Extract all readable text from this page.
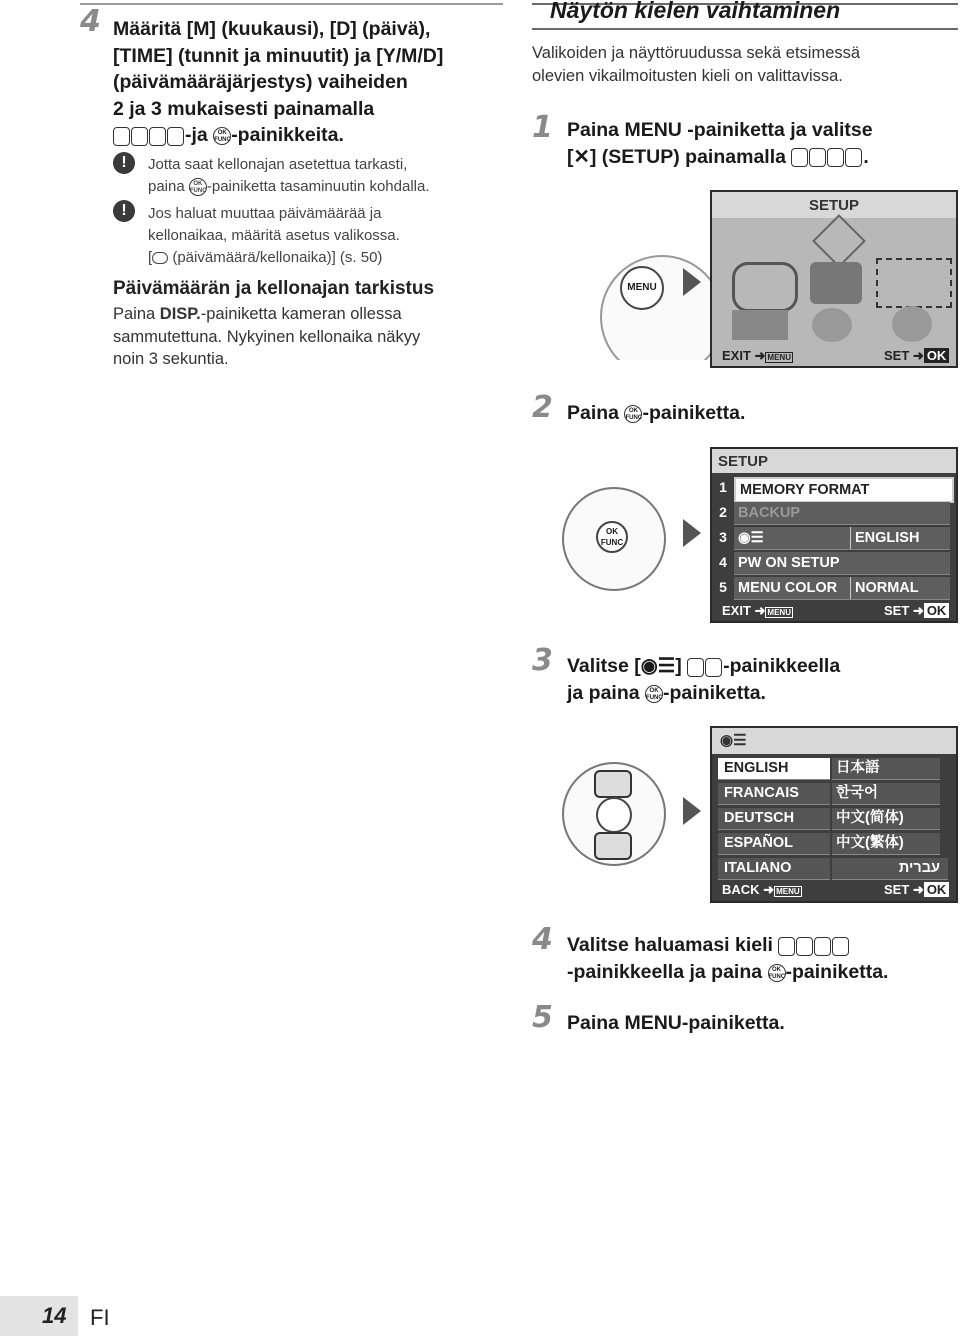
4 Määritä [M] (kuukausi), [D] (päivä),
[TIME] (tunnit ja minuutit) ja [Y/M/D]
(päivämääräjärjestys) vaiheiden
2 ja 3 mukaisesti painamalla
-ja OK
FUNC-painikkeita.
!	Jotta saat kellonajan asetettua tarkasti,
paina OK
FUNC-painiketta tasaminuutin kohdalla.
!	Jos haluat muuttaa päivämäärää ja
kellonaikaa, määritä asetus valikossa.
[ (päivämäärä/kellonaika)] (s. 50)
Päivämäärän ja kellonajan tarkistus
Paina DISP.-painiketta kameran ollessa
sammutettuna. Nykyinen kellonaika näkyy
noin 3 sekuntia.
Näytön kielen vaihtaminen
Valikoiden ja näyttöruudussa sekä etsimessä
olevien vikailmoitusten kieli on valittavissa.
1 Paina MENU -painiketta ja valitse
[✕] (SETUP) painamalla	.
MENU
SETUP
EXIT ➜ MENU	SET ➜ OK
2 Paina OK
FUNC-painiketta.
OK
FUNC
SETUP
1 MEMORY FORMAT
2 BACKUP
3 ◉☰	ENGLISH
4 PW ON SETUP
5 MENU COLOR	NORMAL
EXIT ➜ MENU	SET ➜ OK
3 Valitse [◉☰] -painikkeella
ja paina OK
FUNC-painiketta.
◉☰
ENGLISH	日本語
FRANCAIS	한국어
DEUTSCH	中文(简体)
ESPAÑOL	中文(繁体)
ITALIANO	עברית
BACK ➜ MENU	SET ➜ OK
4 Valitse haluamasi kieli
-painikkeella ja paina OK
FUNC-painiketta.
5 Paina MENU-painiketta.
14 FI
